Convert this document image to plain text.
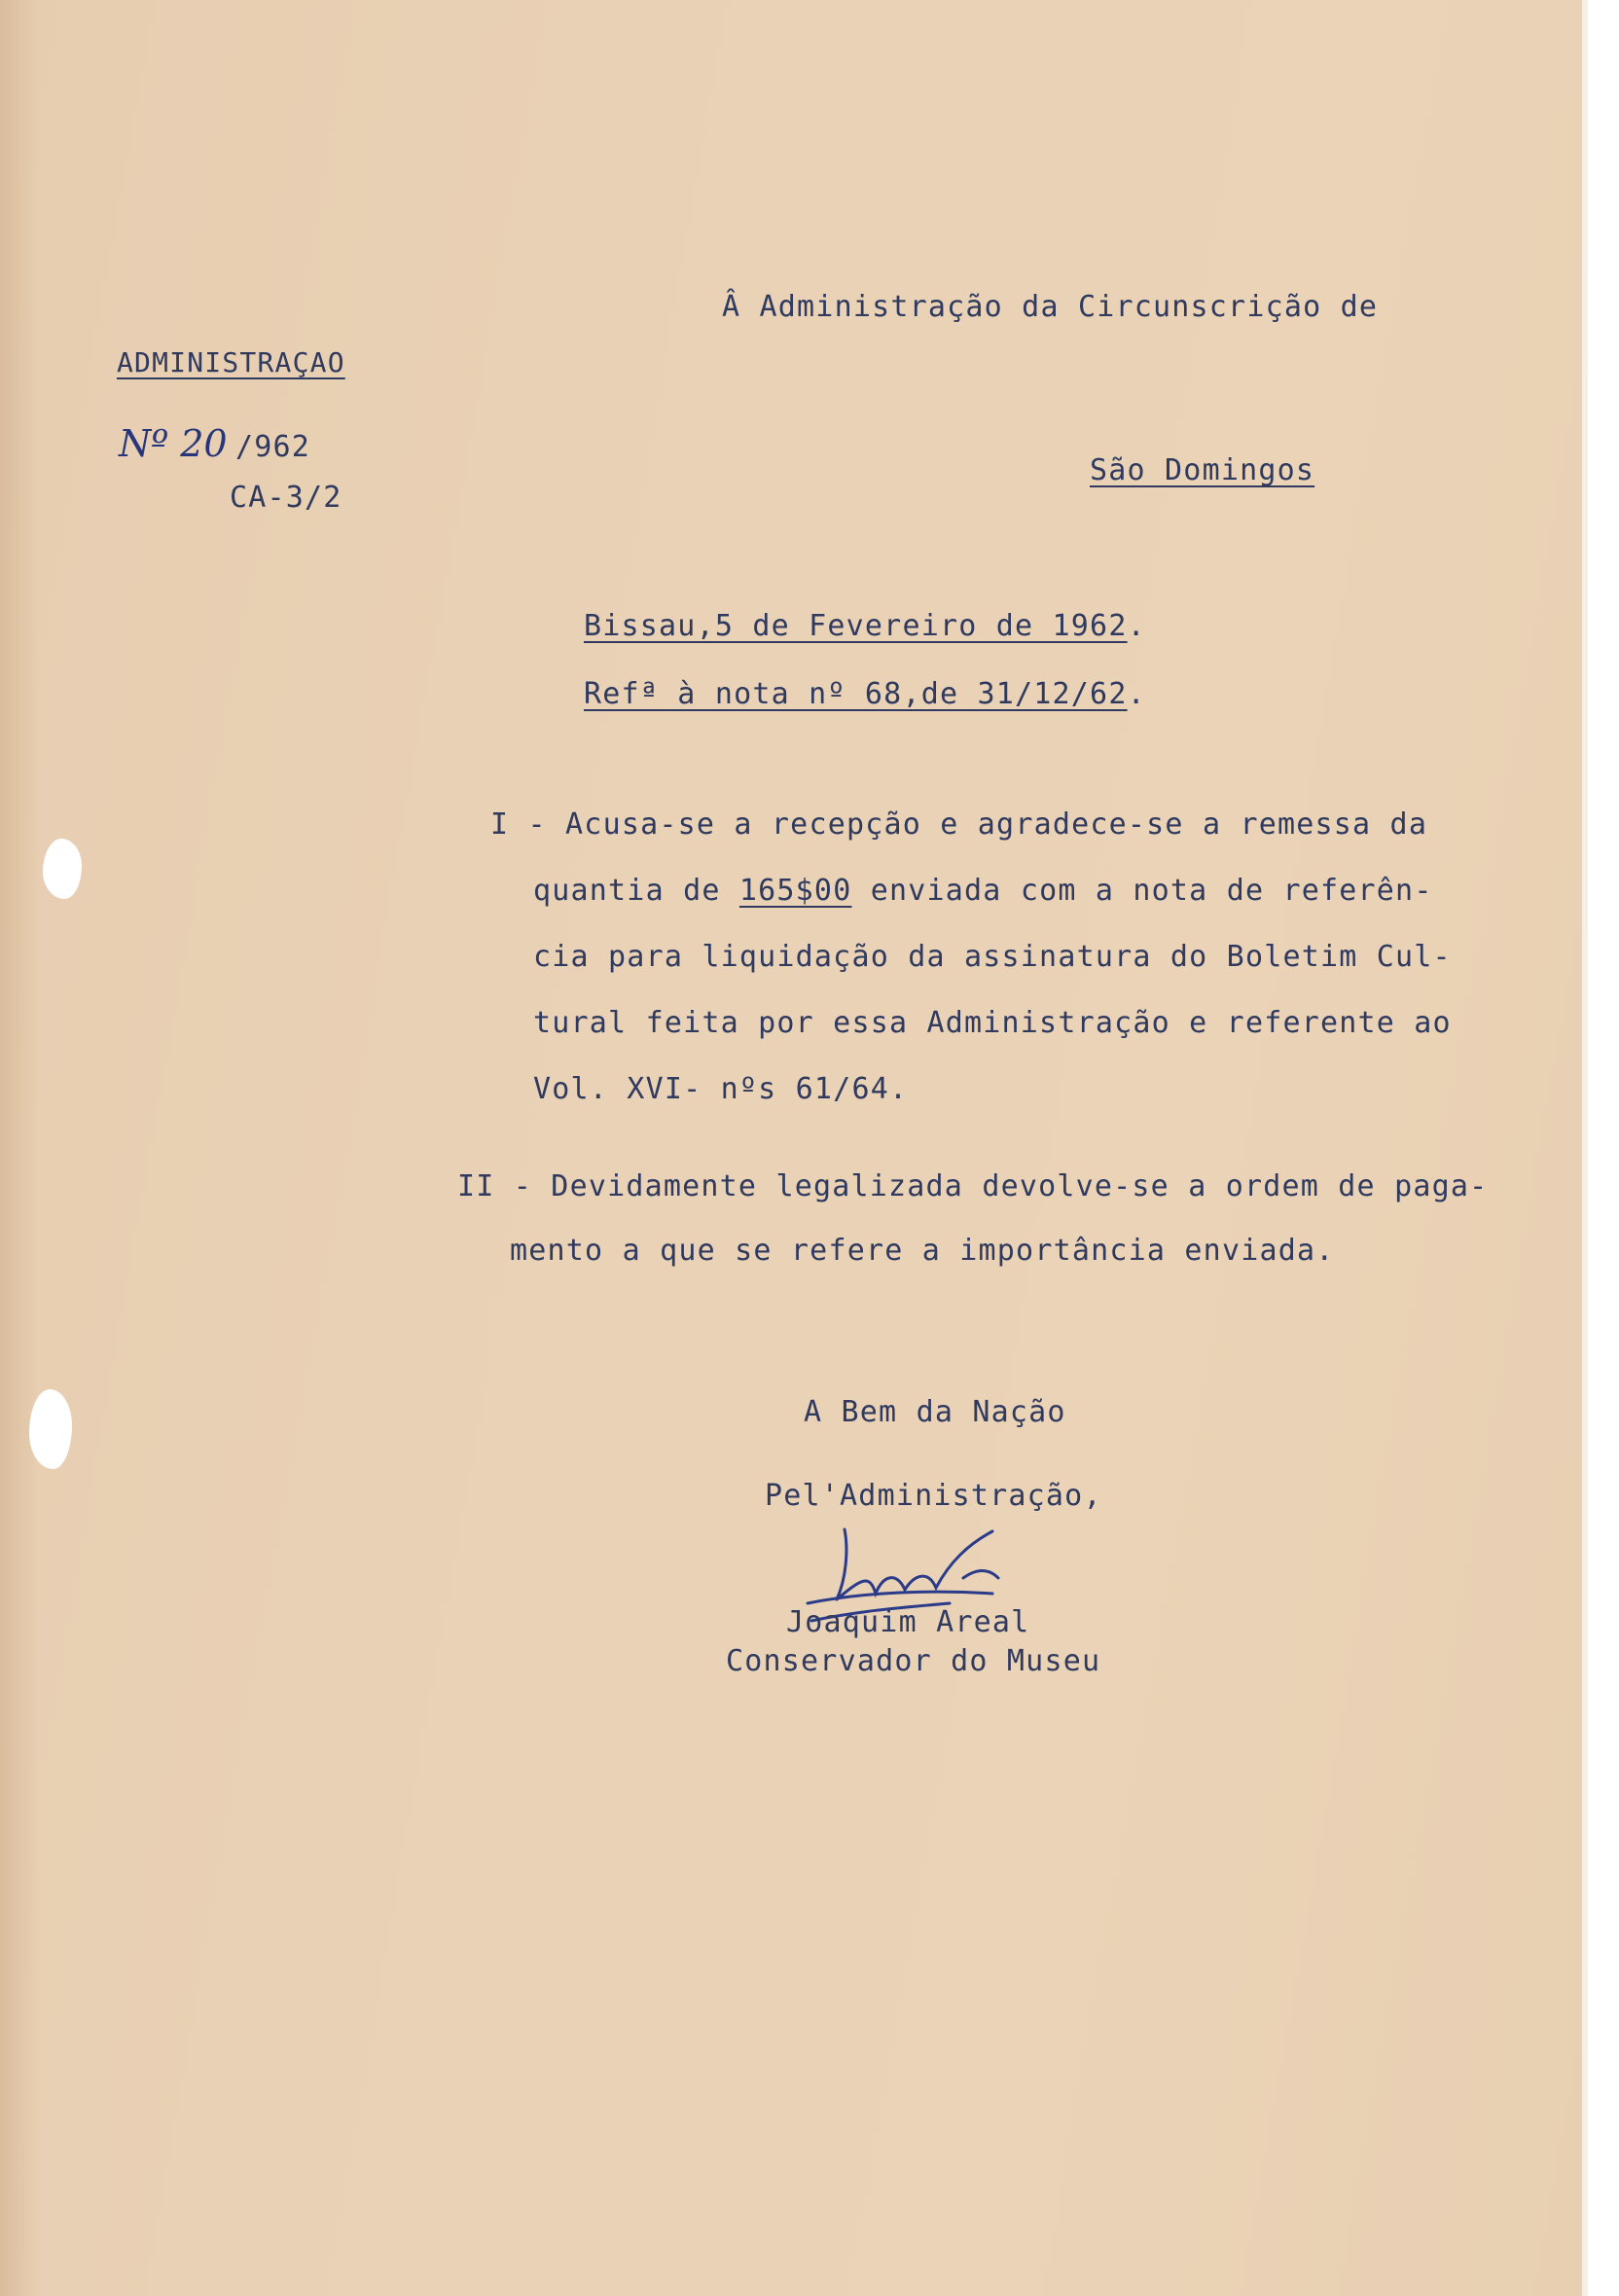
Â Administração da Circunscrição de
ADMINISTRAÇAO
Nº 20 /962
CA-3/2
São Domingos
Bissau,5 de Fevereiro de 1962.
Refª à nota nº 68,de 31/12/62.
I - Acusa-se a recepção e agradece-se a remessa da
quantia de 165$00 enviada com a nota de referên-
cia para liquidação da assinatura do Boletim Cul-
tural feita por essa Administração e referente ao
Vol. XVI- nºs 61/64.
II - Devidamente legalizada devolve-se a ordem de paga-
mento a que se refere a importância enviada.
A Bem da Nação
Pel'Administração,
Joaquim Areal
Conservador do Museu
